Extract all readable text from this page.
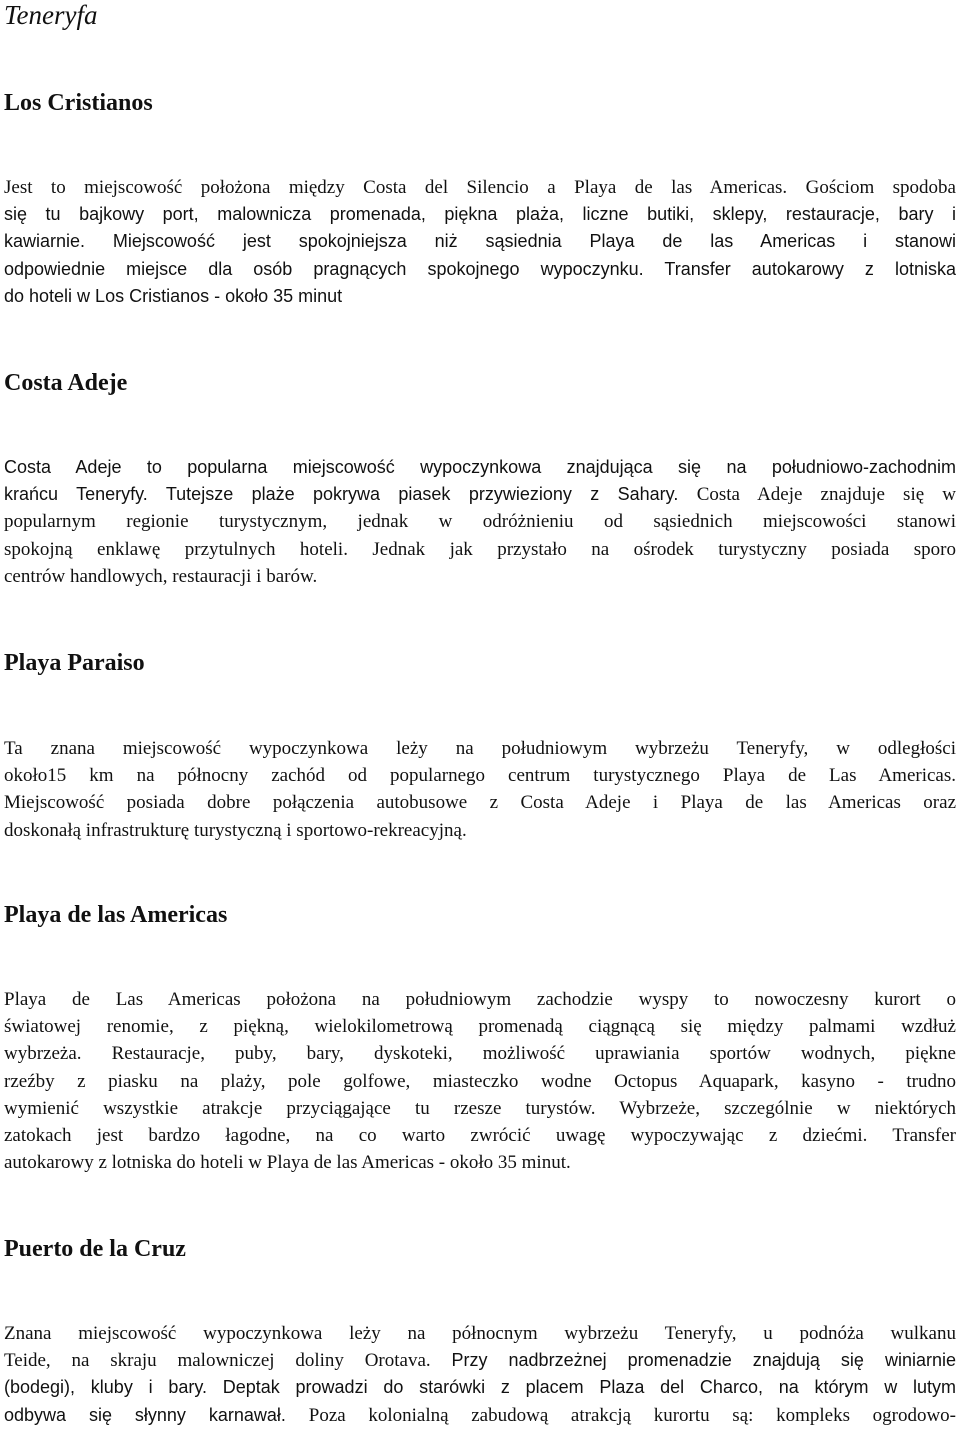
Teneryfa
Los Cristianos
Jest to miejscowość położona między Costa del Silencio a Playa de las Americas. Gościom spodoba
się tu bajkowy port, malownicza promenada, piękna plaża, liczne butiki, sklepy, restauracje, bary i
kawiarnie. Miejscowość jest spokojniejsza niż sąsiednia Playa de las Americas i stanowi
odpowiednie miejsce dla osób pragnących spokojnego wypoczynku. Transfer autokarowy z lotniska
do hoteli w Los Cristianos - około 35 minut
Costa Adeje
Costa Adeje to popularna miejscowość wypoczynkowa znajdująca się na południowo-zachodnim
krańcu Teneryfy. Tutejsze plaże pokrywa piasek przywieziony z Sahary. Costa Adeje znajduje się w
popularnym regionie turystycznym, jednak w odróżnieniu od sąsiednich miejscowości stanowi
spokojną enklawę przytulnych hoteli. Jednak jak przystało na ośrodek turystyczny posiada sporo
centrów handlowych, restauracji i barów.
Playa Paraiso
Ta znana miejscowość wypoczynkowa leży na południowym wybrzeżu Teneryfy, w odległości
około15 km na północny zachód od popularnego centrum turystycznego Playa de Las Americas.
Miejscowość posiada dobre połączenia autobusowe z Costa Adeje i Playa de las Americas oraz
doskonałą infrastrukturę turystyczną i sportowo-rekreacyjną.
Playa de las Americas
Playa de Las Americas położona na południowym zachodzie wyspy to nowoczesny kurort o
światowej renomie, z piękną, wielokilometrową promenadą ciągnącą się między palmami wzdłuż
wybrzeża. Restauracje, puby, bary, dyskoteki, możliwość uprawiania sportów wodnych, piękne
rzeźby z piasku na plaży, pole golfowe, miasteczko wodne Octopus Aquapark, kasyno - trudno
wymienić wszystkie atrakcje przyciągające tu rzesze turystów. Wybrzeże, szczególnie w niektórych
zatokach jest bardzo łagodne, na co warto zwrócić uwagę wypoczywając z dziećmi. Transfer
autokarowy z lotniska do hoteli w Playa de las Americas - około 35 minut.
Puerto de la Cruz
Znana miejscowość wypoczynkowa leży na północnym wybrzeżu Teneryfy, u podnóża wulkanu
Teide, na skraju malowniczej doliny Orotava. Przy nadbrzeżnej promenadzie znajdują się winiarnie
(bodegi), kluby i bary. Deptak prowadzi do starówki z placem Plaza del Charco, na którym w lutym
odbywa się słynny karnawał. Poza kolonialną zabudową atrakcją kurortu są: kompleks ogrodowo-
